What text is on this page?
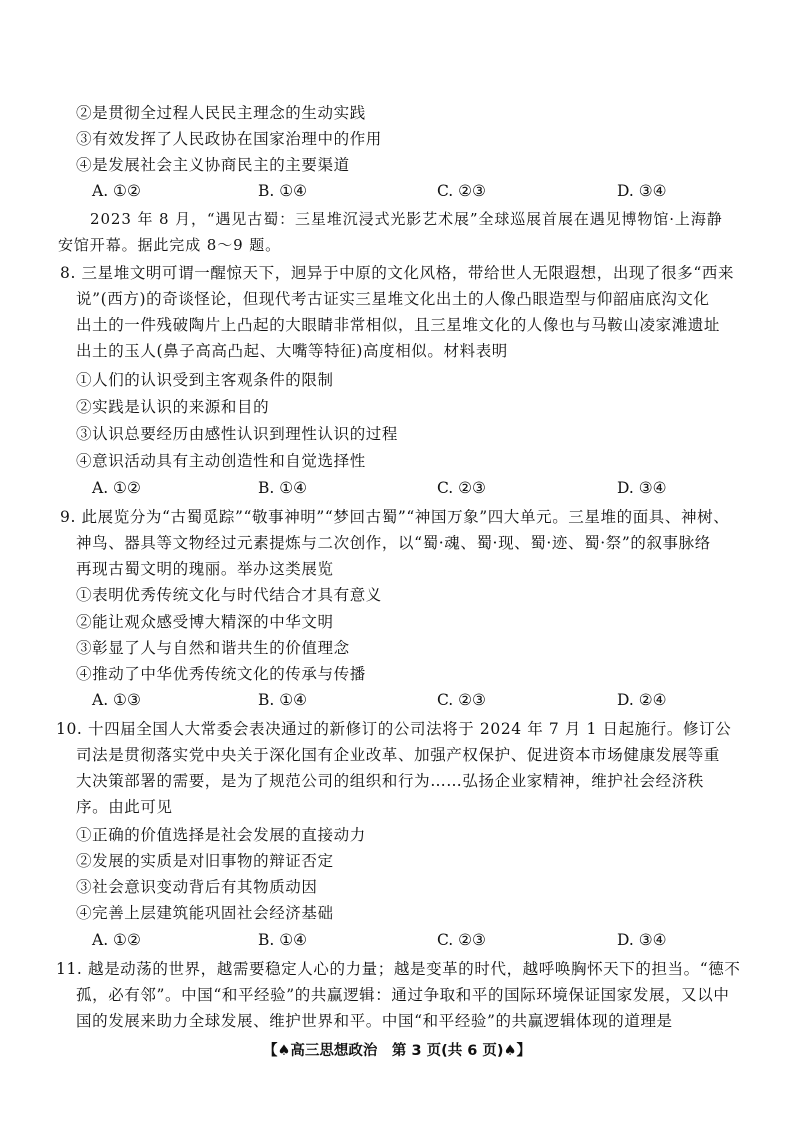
②是贯彻全过程人民民主理念的生动实践
③有效发挥了人民政协在国家治理中的作用
④是发展社会主义协商民主的主要渠道
A. ①②	B. ①④	C. ②③	D. ③④
2023 年 8 月，“遇见古蜀：三星堆沉浸式光影艺术展”全球巡展首展在遇见博物馆·上海静
安馆开幕。据此完成 8～9 题。
8. 三星堆文明可谓一醒惊天下，迥异于中原的文化风格，带给世人无限遐想，出现了很多“西来
说”(西方)的奇谈怪论，但现代考古证实三星堆文化出土的人像凸眼造型与仰韶庙底沟文化
出土的一件残破陶片上凸起的大眼睛非常相似，且三星堆文化的人像也与马鞍山凌家滩遗址
出土的玉人(鼻子高高凸起、大嘴等特征)高度相似。材料表明
①人们的认识受到主客观条件的限制
②实践是认识的来源和目的
③认识总要经历由感性认识到理性认识的过程
④意识活动具有主动创造性和自觉选择性
A. ①②	B. ①④	C. ②③	D. ③④
9. 此展览分为“古蜀觅踪”“敬事神明”“梦回古蜀”“神国万象”四大单元。三星堆的面具、神树、
神鸟、器具等文物经过元素提炼与二次创作，以“蜀·魂、蜀·现、蜀·迹、蜀·祭”的叙事脉络
再现古蜀文明的瑰丽。举办这类展览
①表明优秀传统文化与时代结合才具有意义
②能让观众感受博大精深的中华文明
③彰显了人与自然和谐共生的价值理念
④推动了中华优秀传统文化的传承与传播
A. ①③	B. ①④	C. ②③	D. ②④
10. 十四届全国人大常委会表决通过的新修订的公司法将于 2024 年 7 月 1 日起施行。修订公
司法是贯彻落实党中央关于深化国有企业改革、加强产权保护、促进资本市场健康发展等重
大决策部署的需要，是为了规范公司的组织和行为……弘扬企业家精神，维护社会经济秩
序。由此可见
①正确的价值选择是社会发展的直接动力
②发展的实质是对旧事物的辩证否定
③社会意识变动背后有其物质动因
④完善上层建筑能巩固社会经济基础
A. ①②	B. ①④	C. ②③	D. ③④
11. 越是动荡的世界，越需要稳定人心的力量；越是变革的时代，越呼唤胸怀天下的担当。“德不
孤，必有邻”。中国“和平经验”的共赢逻辑：通过争取和平的国际环境保证国家发展，又以中
国的发展来助力全球发展、维护世界和平。中国“和平经验”的共赢逻辑体现的道理是
【♠高三思想政治　第 3 页(共 6 页)♠】
